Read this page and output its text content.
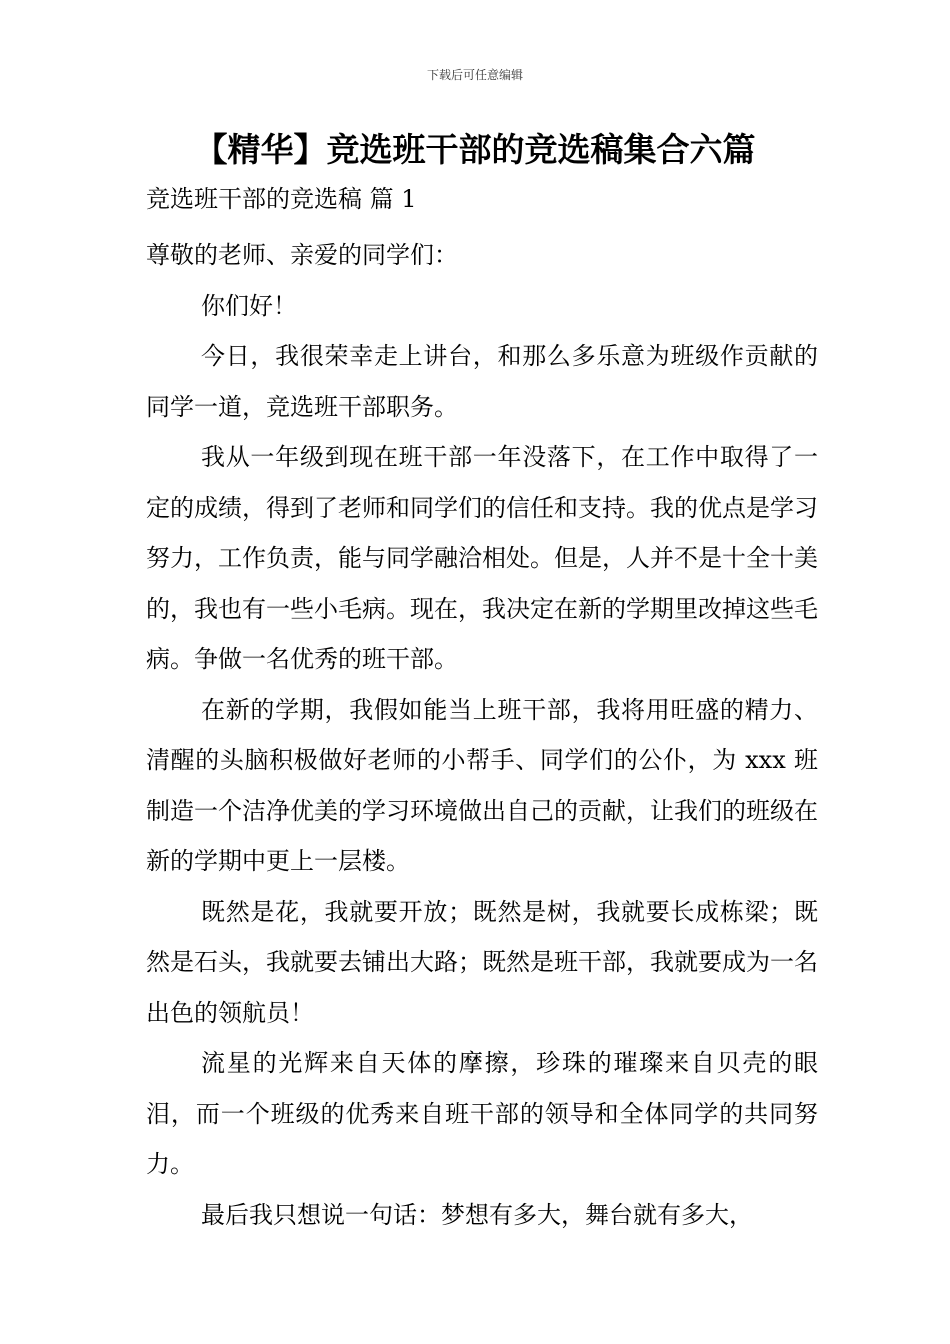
下载后可任意编辑
【精华】竞选班干部的竞选稿集合六篇

竞选班干部的竞选稿 篇 1

尊敬的老师、亲爱的同学们：

你们好！

今日，我很荣幸走上讲台，和那么多乐意为班级作贡献的同学一道，竞选班干部职务。

我从一年级到现在班干部一年没落下，在工作中取得了一定的成绩，得到了老师和同学们的信任和支持。我的优点是学习努力，工作负责，能与同学融洽相处。但是，人并不是十全十美的，我也有一些小毛病。现在，我决定在新的学期里改掉这些毛病。争做一名优秀的班干部。

在新的学期，我假如能当上班干部，我将用旺盛的精力、清醒的头脑积极做好老师的小帮手、同学们的公仆，为 xxx 班制造一个洁净优美的学习环境做出自己的贡献，让我们的班级在新的学期中更上一层楼。

既然是花，我就要开放；既然是树，我就要长成栋梁；既然是石头，我就要去铺出大路；既然是班干部，我就要成为一名出色的领航员！

流星的光辉来自天体的摩擦，珍珠的璀璨来自贝壳的眼泪，而一个班级的优秀来自班干部的领导和全体同学的共同努力。

最后我只想说一句话：梦想有多大，舞台就有多大，
